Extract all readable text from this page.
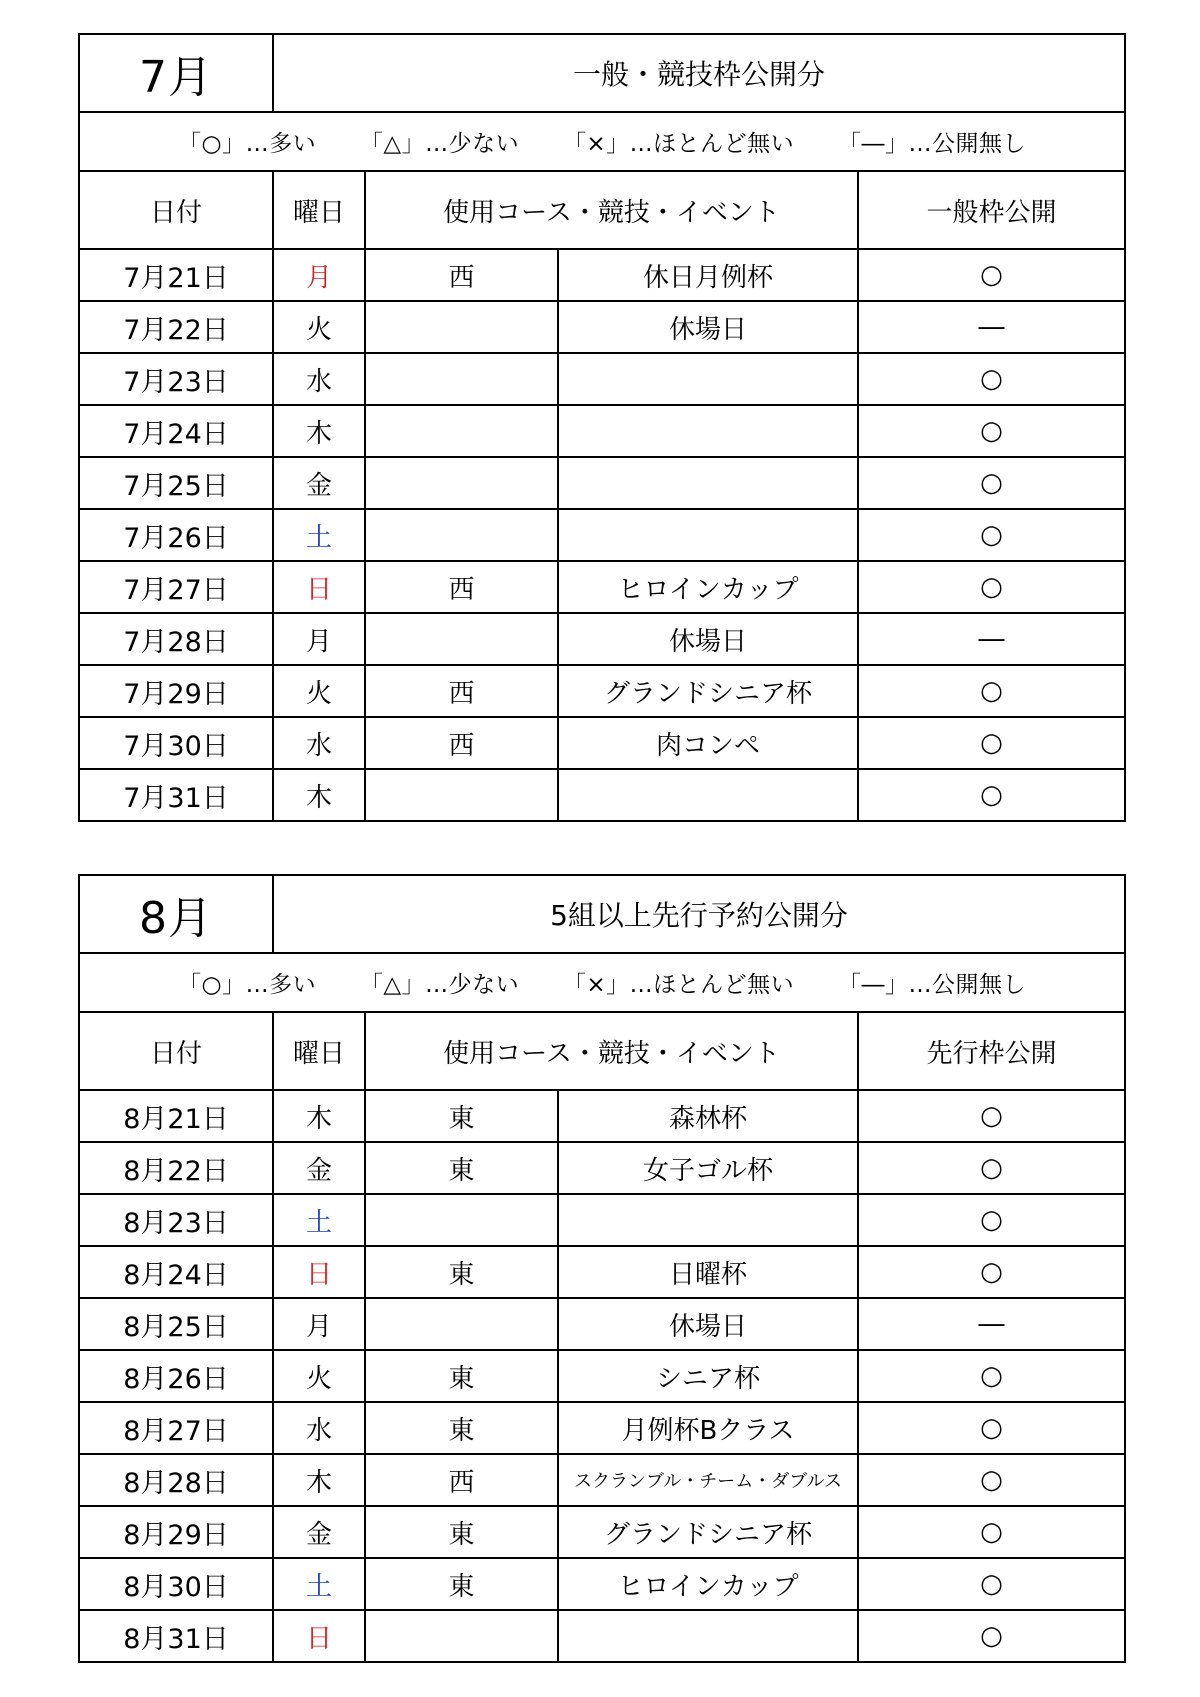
7月	一般・競技枠公開分			
「○」…多い 「△」…少ない 「×」…ほとんど無い 「―」…公開無し				
日付	曜日	使用コース・競技・イベント		一般枠公開
7月21日	月	西	休日月例杯	○
7月22日	火		休場日	―
7月23日	水			○
7月24日	木			○
7月25日	金			○
7月26日	土			○
7月27日	日	西	ヒロインカップ	○
7月28日	月		休場日	―
7月29日	火	西	グランドシニア杯	○
7月30日	水	西	肉コンペ	○
7月31日	木			○
8月	5組以上先行予約公開分			
「○」…多い 「△」…少ない 「×」…ほとんど無い 「―」…公開無し				
日付	曜日	使用コース・競技・イベント		先行枠公開
8月21日	木	東	森林杯	○
8月22日	金	東	女子ゴル杯	○
8月23日	土			○
8月24日	日	東	日曜杯	○
8月25日	月		休場日	―
8月26日	火	東	シニア杯	○
8月27日	水	東	月例杯Bクラス	○
8月28日	木	西	スクランブル・チーム・ダブルス	○
8月29日	金	東	グランドシニア杯	○
8月30日	土	東	ヒロインカップ	○
8月31日	日			○
